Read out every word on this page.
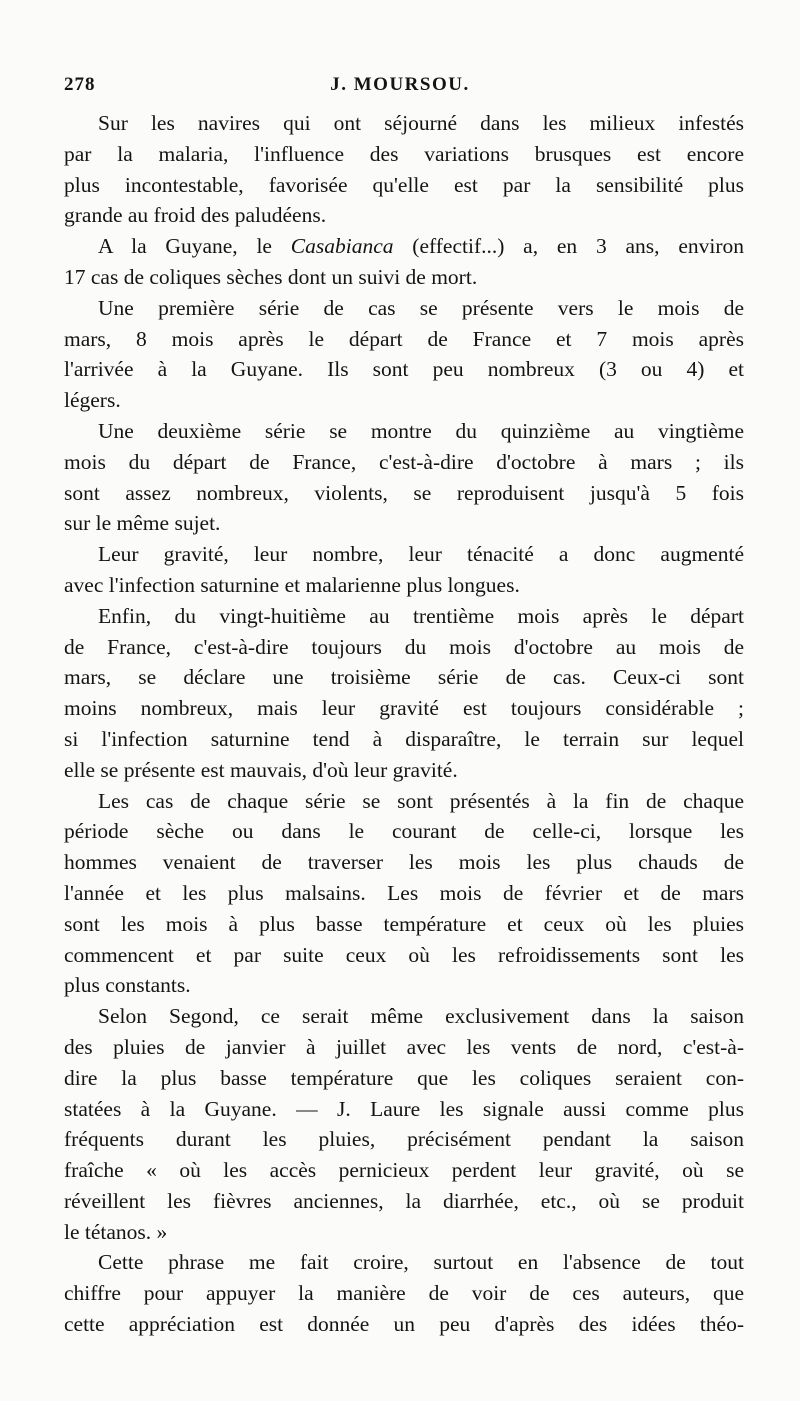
278	J. MOURSOU.
Sur les navires qui ont séjourné dans les milieux infestés
par la malaria, l'influence des variations brusques est encore
plus incontestable, favorisée qu'elle est par la sensibilité plus
grande au froid des paludéens.
A la Guyane, le Casabianca (effectif...) a, en 3 ans, environ
17 cas de coliques sèches dont un suivi de mort.
Une première série de cas se présente vers le mois de
mars, 8 mois après le départ de France et 7 mois après
l'arrivée à la Guyane. Ils sont peu nombreux (3 ou 4) et
légers.
Une deuxième série se montre du quinzième au vingtième
mois du départ de France, c'est-à-dire d'octobre à mars ; ils
sont assez nombreux, violents, se reproduisent jusqu'à 5 fois
sur le même sujet.
Leur gravité, leur nombre, leur ténacité a donc augmenté
avec l'infection saturnine et malarienne plus longues.
Enfin, du vingt-huitième au trentième mois après le départ
de France, c'est-à-dire toujours du mois d'octobre au mois de
mars, se déclare une troisième série de cas. Ceux-ci sont
moins nombreux, mais leur gravité est toujours considérable ;
si l'infection saturnine tend à disparaître, le terrain sur lequel
elle se présente est mauvais, d'où leur gravité.
Les cas de chaque série se sont présentés à la fin de chaque
période sèche ou dans le courant de celle-ci, lorsque les
hommes venaient de traverser les mois les plus chauds de
l'année et les plus malsains. Les mois de février et de mars
sont les mois à plus basse température et ceux où les pluies
commencent et par suite ceux où les refroidissements sont les
plus constants.
Selon Segond, ce serait même exclusivement dans la saison
des pluies de janvier à juillet avec les vents de nord, c'est-à-
dire la plus basse température que les coliques seraient con-
statées à la Guyane. — J. Laure les signale aussi comme plus
fréquents durant les pluies, précisément pendant la saison
fraîche « où les accès pernicieux perdent leur gravité, où se
réveillent les fièvres anciennes, la diarrhée, etc., où se produit
le tétanos. »
Cette phrase me fait croire, surtout en l'absence de tout
chiffre pour appuyer la manière de voir de ces auteurs, que
cette appréciation est donnée un peu d'après des idées théo-
